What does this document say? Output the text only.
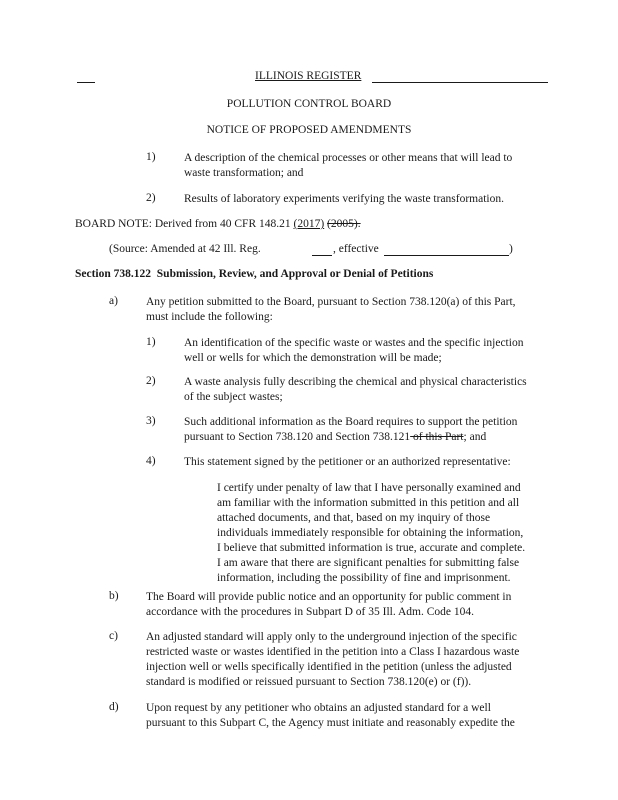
ILLINOIS REGISTER
POLLUTION CONTROL BOARD
NOTICE OF PROPOSED AMENDMENTS
1) A description of the chemical processes or other means that will lead to
waste transformation; and
2) Results of laboratory experiments verifying the waste transformation.
BOARD NOTE: Derived from 40 CFR 148.21 (2017) (2005).
(Source: Amended at 42 Ill. Reg.	, effective	)
Section 738.122 Submission, Review, and Approval or Denial of Petitions
a) Any petition submitted to the Board, pursuant to Section 738.120(a) of this Part,
must include the following:
1) An identification of the specific waste or wastes and the specific injection
well or wells for which the demonstration will be made;
2) A waste analysis fully describing the chemical and physical characteristics
of the subject wastes;
3) Such additional information as the Board requires to support the petition
pursuant to Section 738.120 and Section 738.121 of this Part; and
4) This statement signed by the petitioner or an authorized representative:
I certify under penalty of law that I have personally examined and
am familiar with the information submitted in this petition and all
attached documents, and that, based on my inquiry of those
individuals immediately responsible for obtaining the information,
I believe that submitted information is true, accurate and complete.
I am aware that there are significant penalties for submitting false
information, including the possibility of fine and imprisonment.
b) The Board will provide public notice and an opportunity for public comment in
accordance with the procedures in Subpart D of 35 Ill. Adm. Code 104.
c) An adjusted standard will apply only to the underground injection of the specific
restricted waste or wastes identified in the petition into a Class I hazardous waste
injection well or wells specifically identified in the petition (unless the adjusted
standard is modified or reissued pursuant to Section 738.120(e) or (f)).
d) Upon request by any petitioner who obtains an adjusted standard for a well
pursuant to this Subpart C, the Agency must initiate and reasonably expedite the
